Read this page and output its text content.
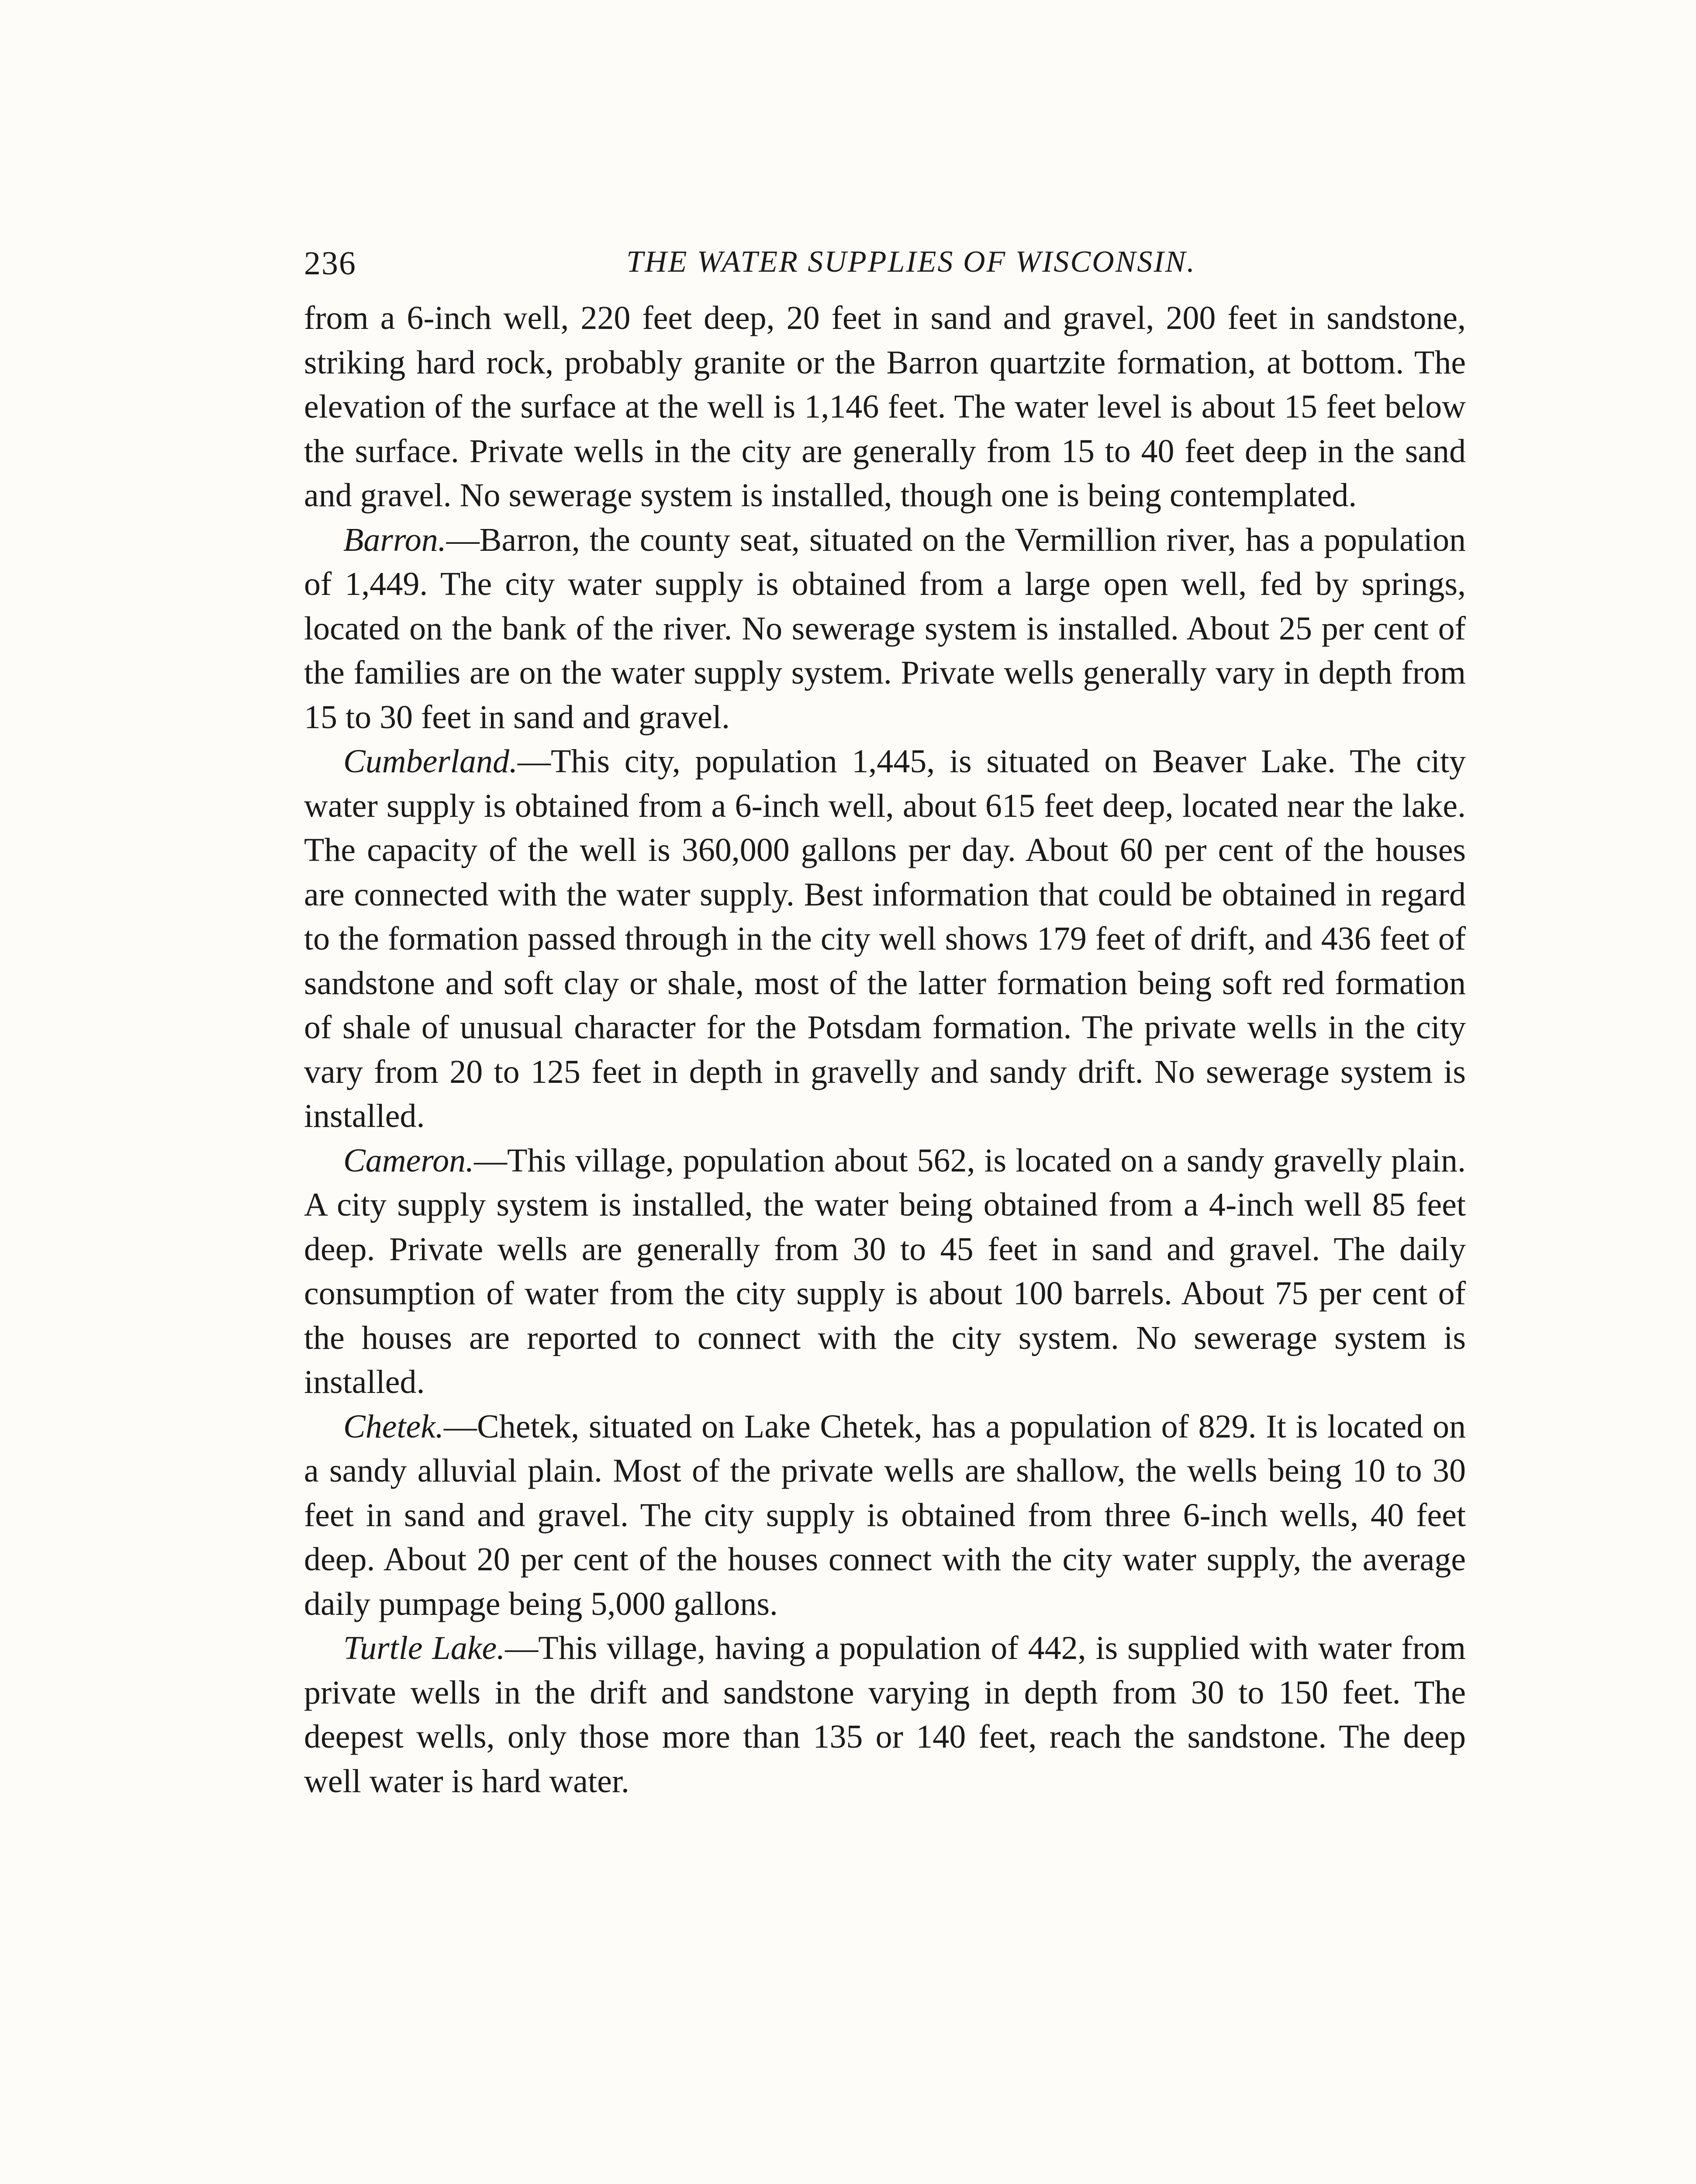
236	THE WATER SUPPLIES OF WISCONSIN.

from a 6-inch well, 220 feet deep, 20 feet in sand and gravel, 200 feet in sandstone, striking hard rock, probably granite or the Barron quartzite formation, at bottom. The elevation of the surface at the well is 1,146 feet. The water level is about 15 feet below the surface. Private wells in the city are generally from 15 to 40 feet deep in the sand and gravel. No sewerage system is installed, though one is being contemplated.

Barron.—Barron, the county seat, situated on the Vermillion river, has a population of 1,449. The city water supply is obtained from a large open well, fed by springs, located on the bank of the river. No sewerage system is installed. About 25 per cent of the families are on the water supply system. Private wells generally vary in depth from 15 to 30 feet in sand and gravel.

Cumberland.—This city, population 1,445, is situated on Beaver Lake. The city water supply is obtained from a 6-inch well, about 615 feet deep, located near the lake. The capacity of the well is 360,000 gallons per day. About 60 per cent of the houses are connected with the water supply. Best information that could be obtained in regard to the formation passed through in the city well shows 179 feet of drift, and 436 feet of sandstone and soft clay or shale, most of the latter formation being soft red formation of shale of unusual character for the Potsdam formation. The private wells in the city vary from 20 to 125 feet in depth in gravelly and sandy drift. No sewerage system is installed.

Cameron.—This village, population about 562, is located on a sandy gravelly plain. A city supply system is installed, the water being obtained from a 4-inch well 85 feet deep. Private wells are generally from 30 to 45 feet in sand and gravel. The daily consumption of water from the city supply is about 100 barrels. About 75 per cent of the houses are reported to connect with the city system. No sewerage system is installed.

Chetek.—Chetek, situated on Lake Chetek, has a population of 829. It is located on a sandy alluvial plain. Most of the private wells are shallow, the wells being 10 to 30 feet in sand and gravel. The city supply is obtained from three 6-inch wells, 40 feet deep. About 20 per cent of the houses connect with the city water supply, the average daily pumpage being 5,000 gallons.

Turtle Lake.—This village, having a population of 442, is supplied with water from private wells in the drift and sandstone varying in depth from 30 to 150 feet. The deepest wells, only those more than 135 or 140 feet, reach the sandstone. The deep well water is hard water.
